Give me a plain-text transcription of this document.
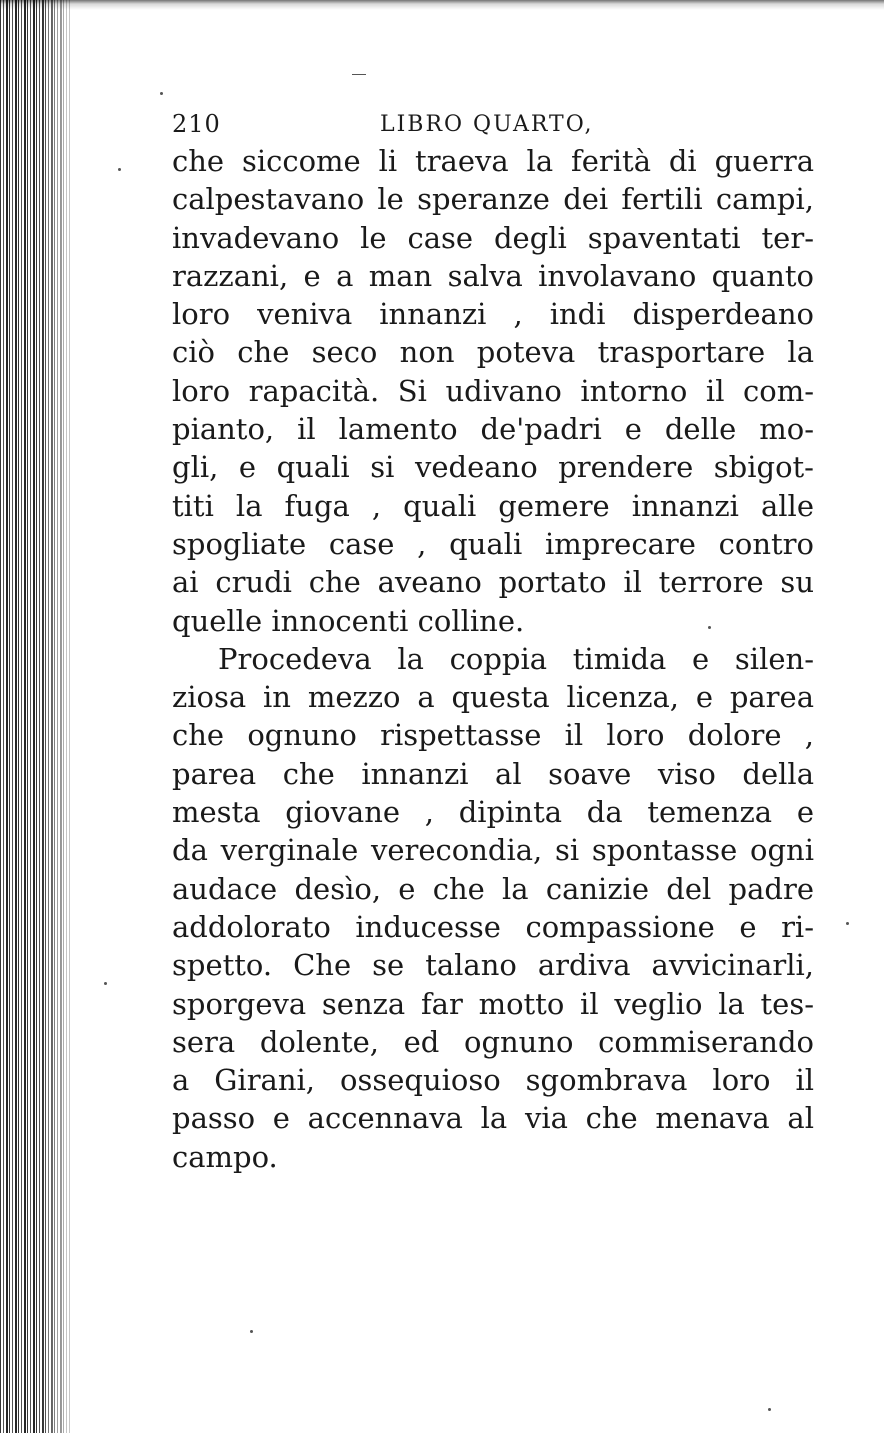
210	LIBRO QUARTO,
che siccome li traeva la ferità di guerra
calpestavano le speranze dei fertili campi,
invadevano le case degli spaventati ter-
razzani, e a man salva involavano quanto
loro veniva innanzi , indi disperdeano
ciò che seco non poteva trasportare la
loro rapacità. Si udivano intorno il com-
pianto, il lamento de'padri e delle mo-
gli, e quali si vedeano prendere sbigot-
titi la fuga , quali gemere innanzi alle
spogliate case , quali imprecare contro
ai crudi che aveano portato il terrore su
quelle innocenti colline.
Procedeva la coppia timida e silen-
ziosa in mezzo a questa licenza, e parea
che ognuno rispettasse il loro dolore ,
parea che innanzi al soave viso della
mesta giovane , dipinta da temenza e
da verginale verecondia, si spontasse ogni
audace desìo, e che la canizie del padre
addolorato inducesse compassione e ri-
spetto. Che se talano ardiva avvicinarli,
sporgeva senza far motto il veglio la tes-
sera dolente, ed ognuno commiserando
a Girani, ossequioso sgombrava loro il
passo e accennava la via che menava al
campo.
